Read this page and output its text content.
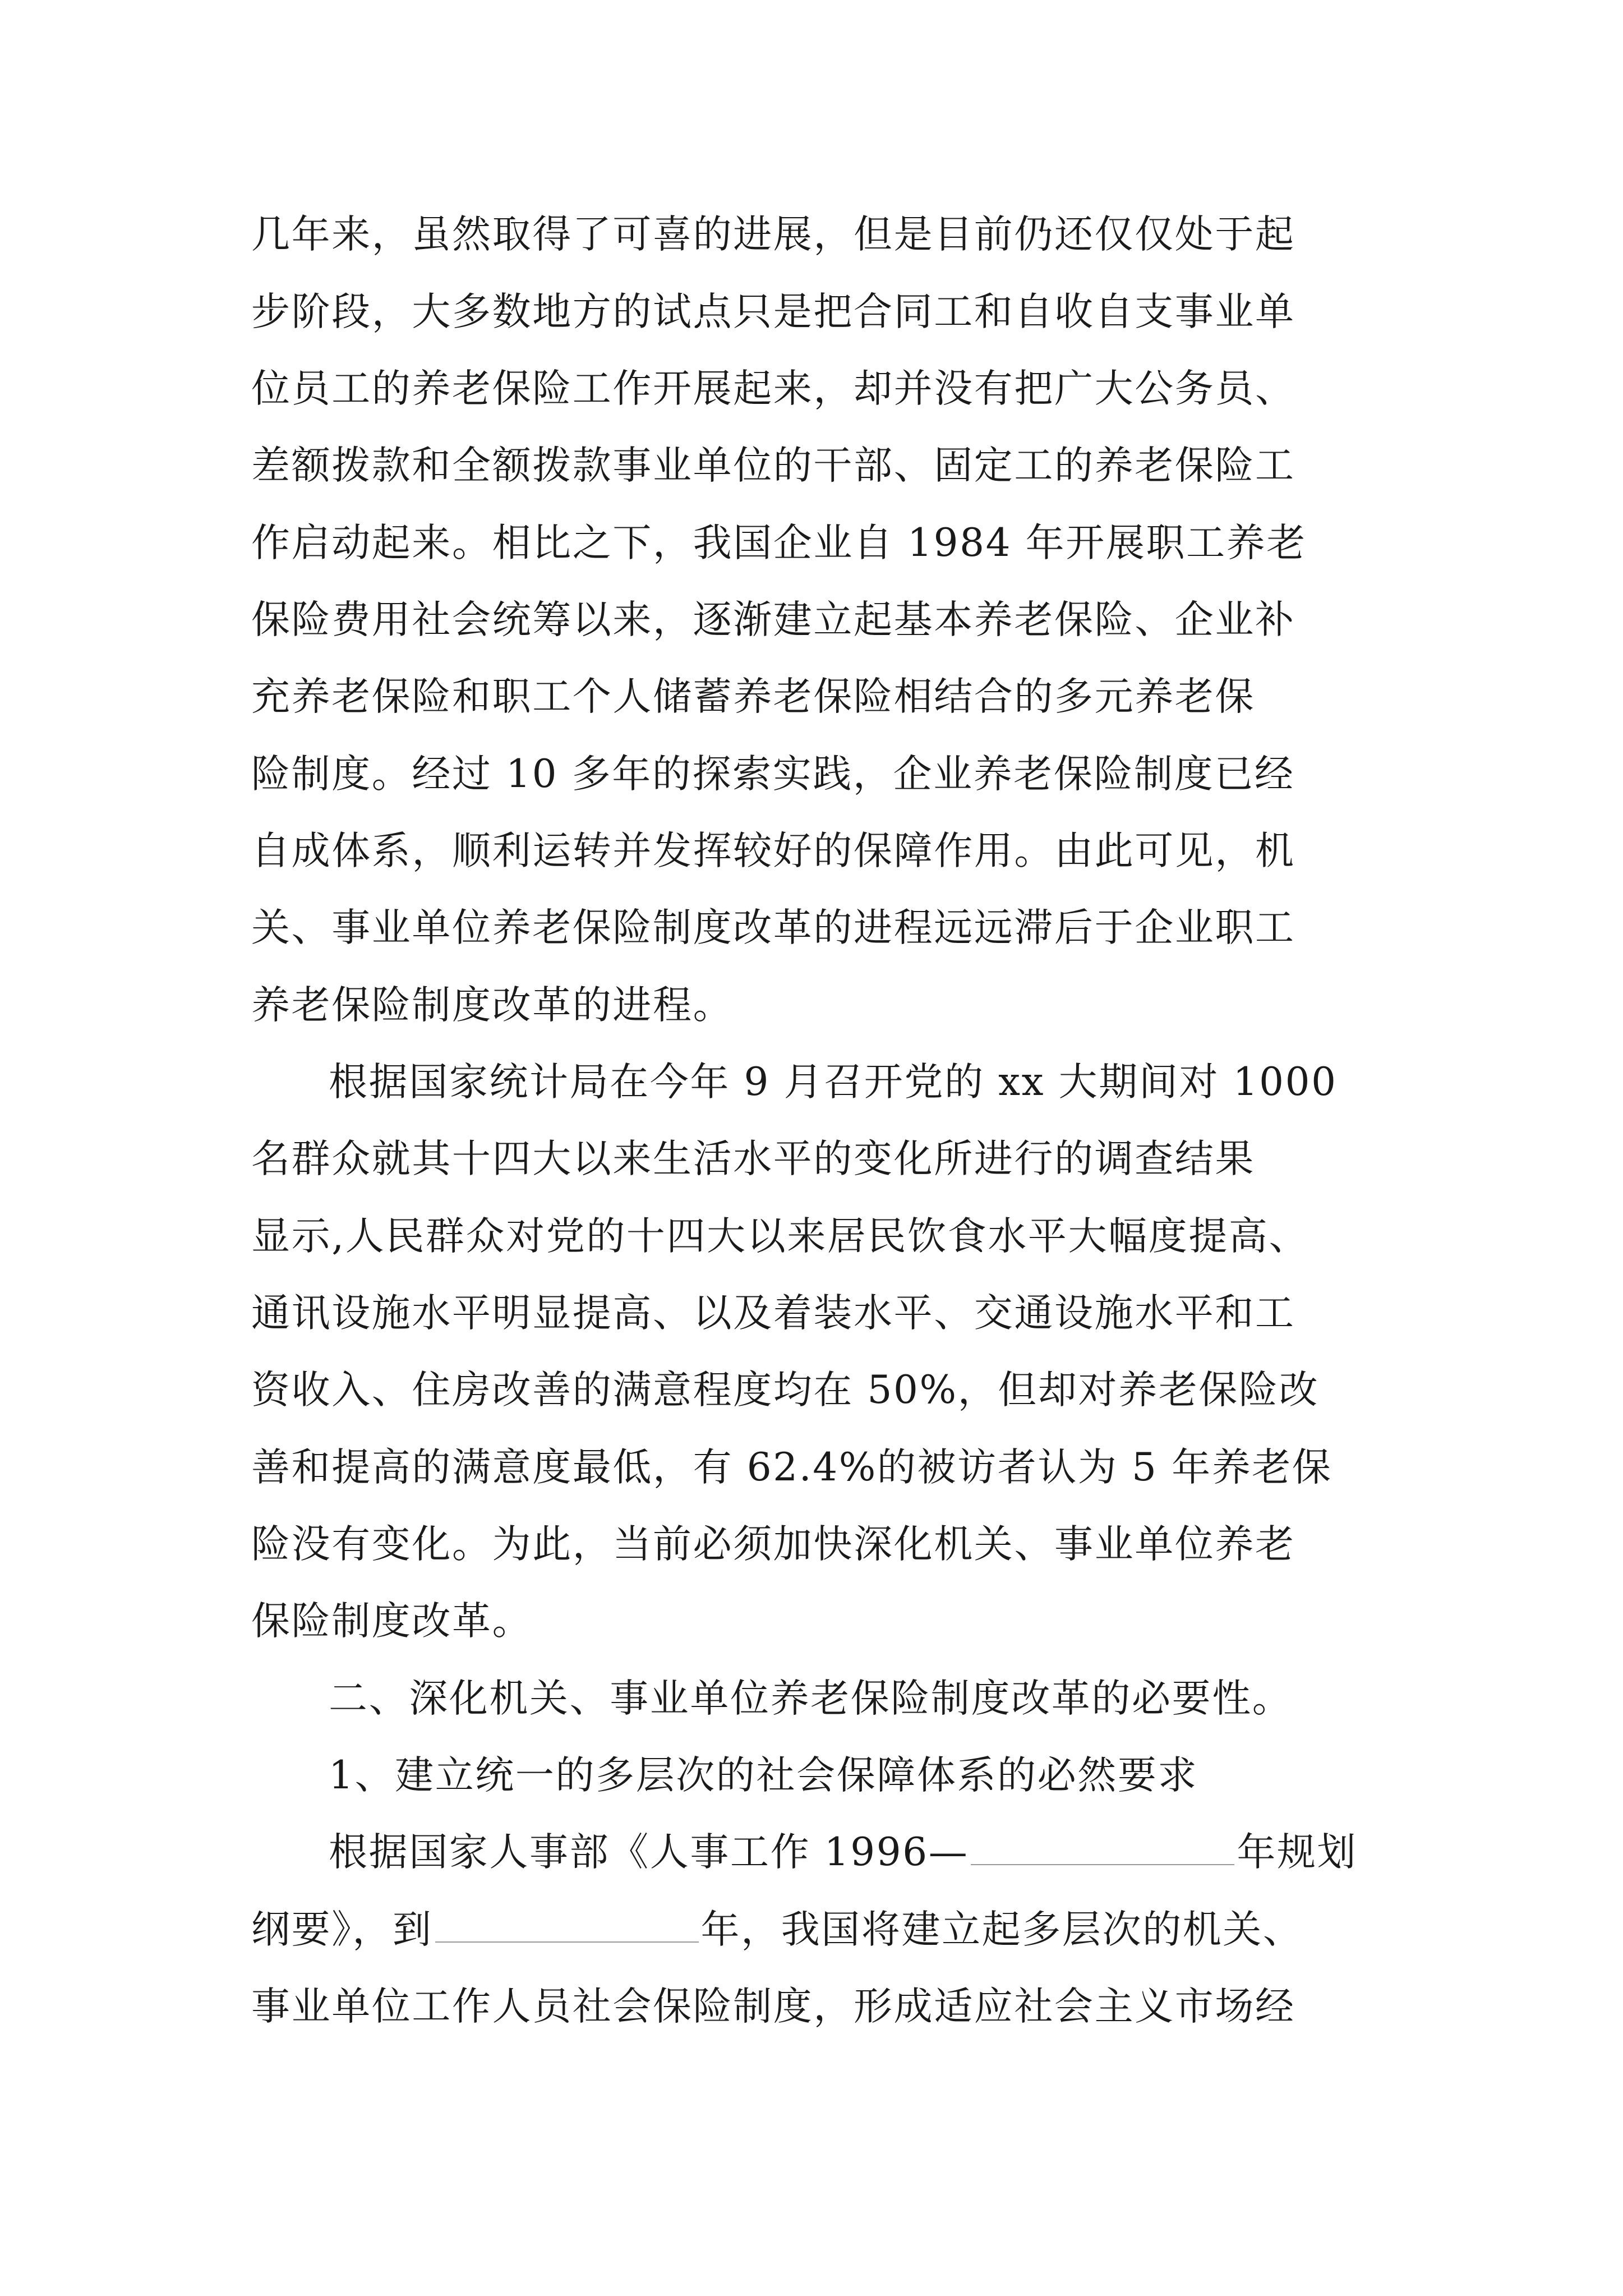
几年来，虽然取得了可喜的进展，但是目前仍还仅仅处于起
步阶段，大多数地方的试点只是把合同工和自收自支事业单
位员工的养老保险工作开展起来，却并没有把广大公务员、
差额拨款和全额拨款事业单位的干部、固定工的养老保险工
作启动起来。相比之下，我国企业自 1984 年开展职工养老
保险费用社会统筹以来，逐渐建立起基本养老保险、企业补
充养老保险和职工个人储蓄养老保险相结合的多元养老保
险制度。经过 10 多年的探索实践，企业养老保险制度已经
自成体系，顺利运转并发挥较好的保障作用。由此可见，机
关、事业单位养老保险制度改革的进程远远滞后于企业职工
养老保险制度改革的进程。
根据国家统计局在今年 9 月召开党的 xx 大期间对 1000
名群众就其十四大以来生活水平的变化所进行的调查结果
显示,人民群众对党的十四大以来居民饮食水平大幅度提高、
通讯设施水平明显提高、以及着装水平、交通设施水平和工
资收入、住房改善的满意程度均在 50%，但却对养老保险改
善和提高的满意度最低，有 62.4%的被访者认为 5 年养老保
险没有变化。为此，当前必须加快深化机关、事业单位养老
保险制度改革。
二、深化机关、事业单位养老保险制度改革的必要性。
1、建立统一的多层次的社会保障体系的必然要求
根据国家人事部《人事工作 1996—	年规划
纲要》，到	年，我国将建立起多层次的机关、
事业单位工作人员社会保险制度，形成适应社会主义市场经
